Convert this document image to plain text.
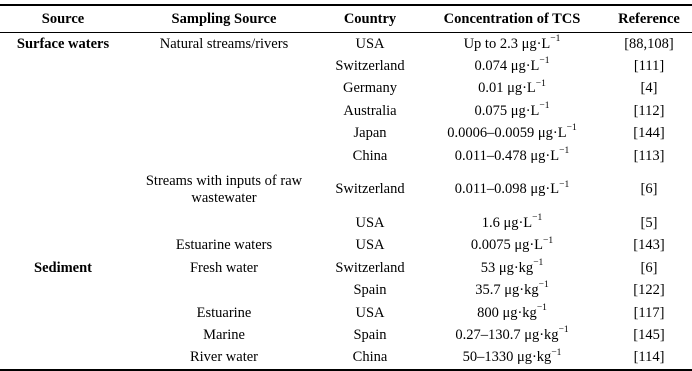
Source	Sampling Source	Country	Concentration of TCS	Reference
Surface waters	Natural streams/rivers	USA	Up to 2.3 $\mu g\cdot L^{-1}$	[88,108]
		Switzerland	0.074 $\mu g\cdot L^{-1}$	[111]
		Germany	0.01 $\mu g\cdot L^{-1}$	[4]
		Australia	0.075 $\mu g\cdot L^{-1}$	[112]
		Japan	0.0006–0.0059 $\mu g\cdot L^{-1}$	[144]
		China	0.011–0.478 $\mu g\cdot L^{-1}$	[113]
	Streams with inputs of raw wastewater	Switzerland	0.011–0.098 $\mu g\cdot L^{-1}$	[6]
		USA	1.6 $\mu g\cdot L^{-1}$	[5]
	Estuarine waters	USA	0.0075 $\mu g\cdot L^{-1}$	[143]
Sediment	Fresh water	Switzerland	53 $\mu g\cdot kg^{-1}$	[6]
		Spain	35.7 $\mu g\cdot kg^{-1}$	[122]
	Estuarine	USA	800 $\mu g\cdot kg^{-1}$	[117]
	Marine	Spain	0.27–130.7 $\mu g\cdot kg^{-1}$	[145]
	River water	China	50–1330 $\mu g\cdot kg^{-1}$	[114]
